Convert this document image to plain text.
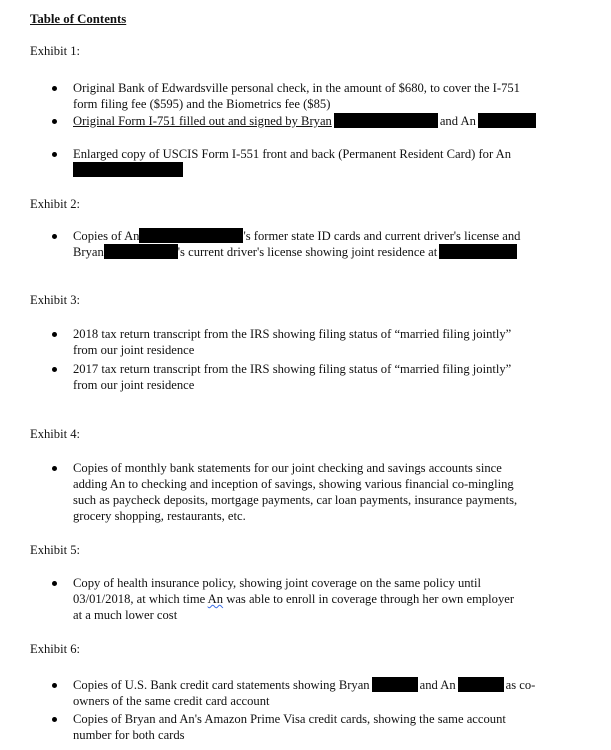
Table of Contents
Exhibit 1:
Original Bank of Edwardsville personal check, in the amount of $680, to cover the I-751
form filing fee ($595) and the Biometrics fee ($85)
Original Form I-751 filled out and signed by Bryan	and An
Enlarged copy of USCIS Form I-551 front and back (Permanent Resident Card) for An
Exhibit 2:
Copies of An	's former state ID cards and current driver's license and
Bryan	's current driver's license showing joint residence at
Exhibit 3:
2018 tax return transcript from the IRS showing filing status of “married filing jointly”
from our joint residence
2017 tax return transcript from the IRS showing filing status of “married filing jointly”
from our joint residence
Exhibit 4:
Copies of monthly bank statements for our joint checking and savings accounts since
adding An to checking and inception of savings, showing various financial co-mingling
such as paycheck deposits, mortgage payments, car loan payments, insurance payments,
grocery shopping, restaurants, etc.
Exhibit 5:
Copy of health insurance policy, showing joint coverage on the same policy until
03/01/2018, at which time An was able to enroll in coverage through her own employer
at a much lower cost
Exhibit 6:
Copies of U.S. Bank credit card statements showing Bryan	and An	as co-
owners of the same credit card account
Copies of Bryan and An's Amazon Prime Visa credit cards, showing the same account
number for both cards
